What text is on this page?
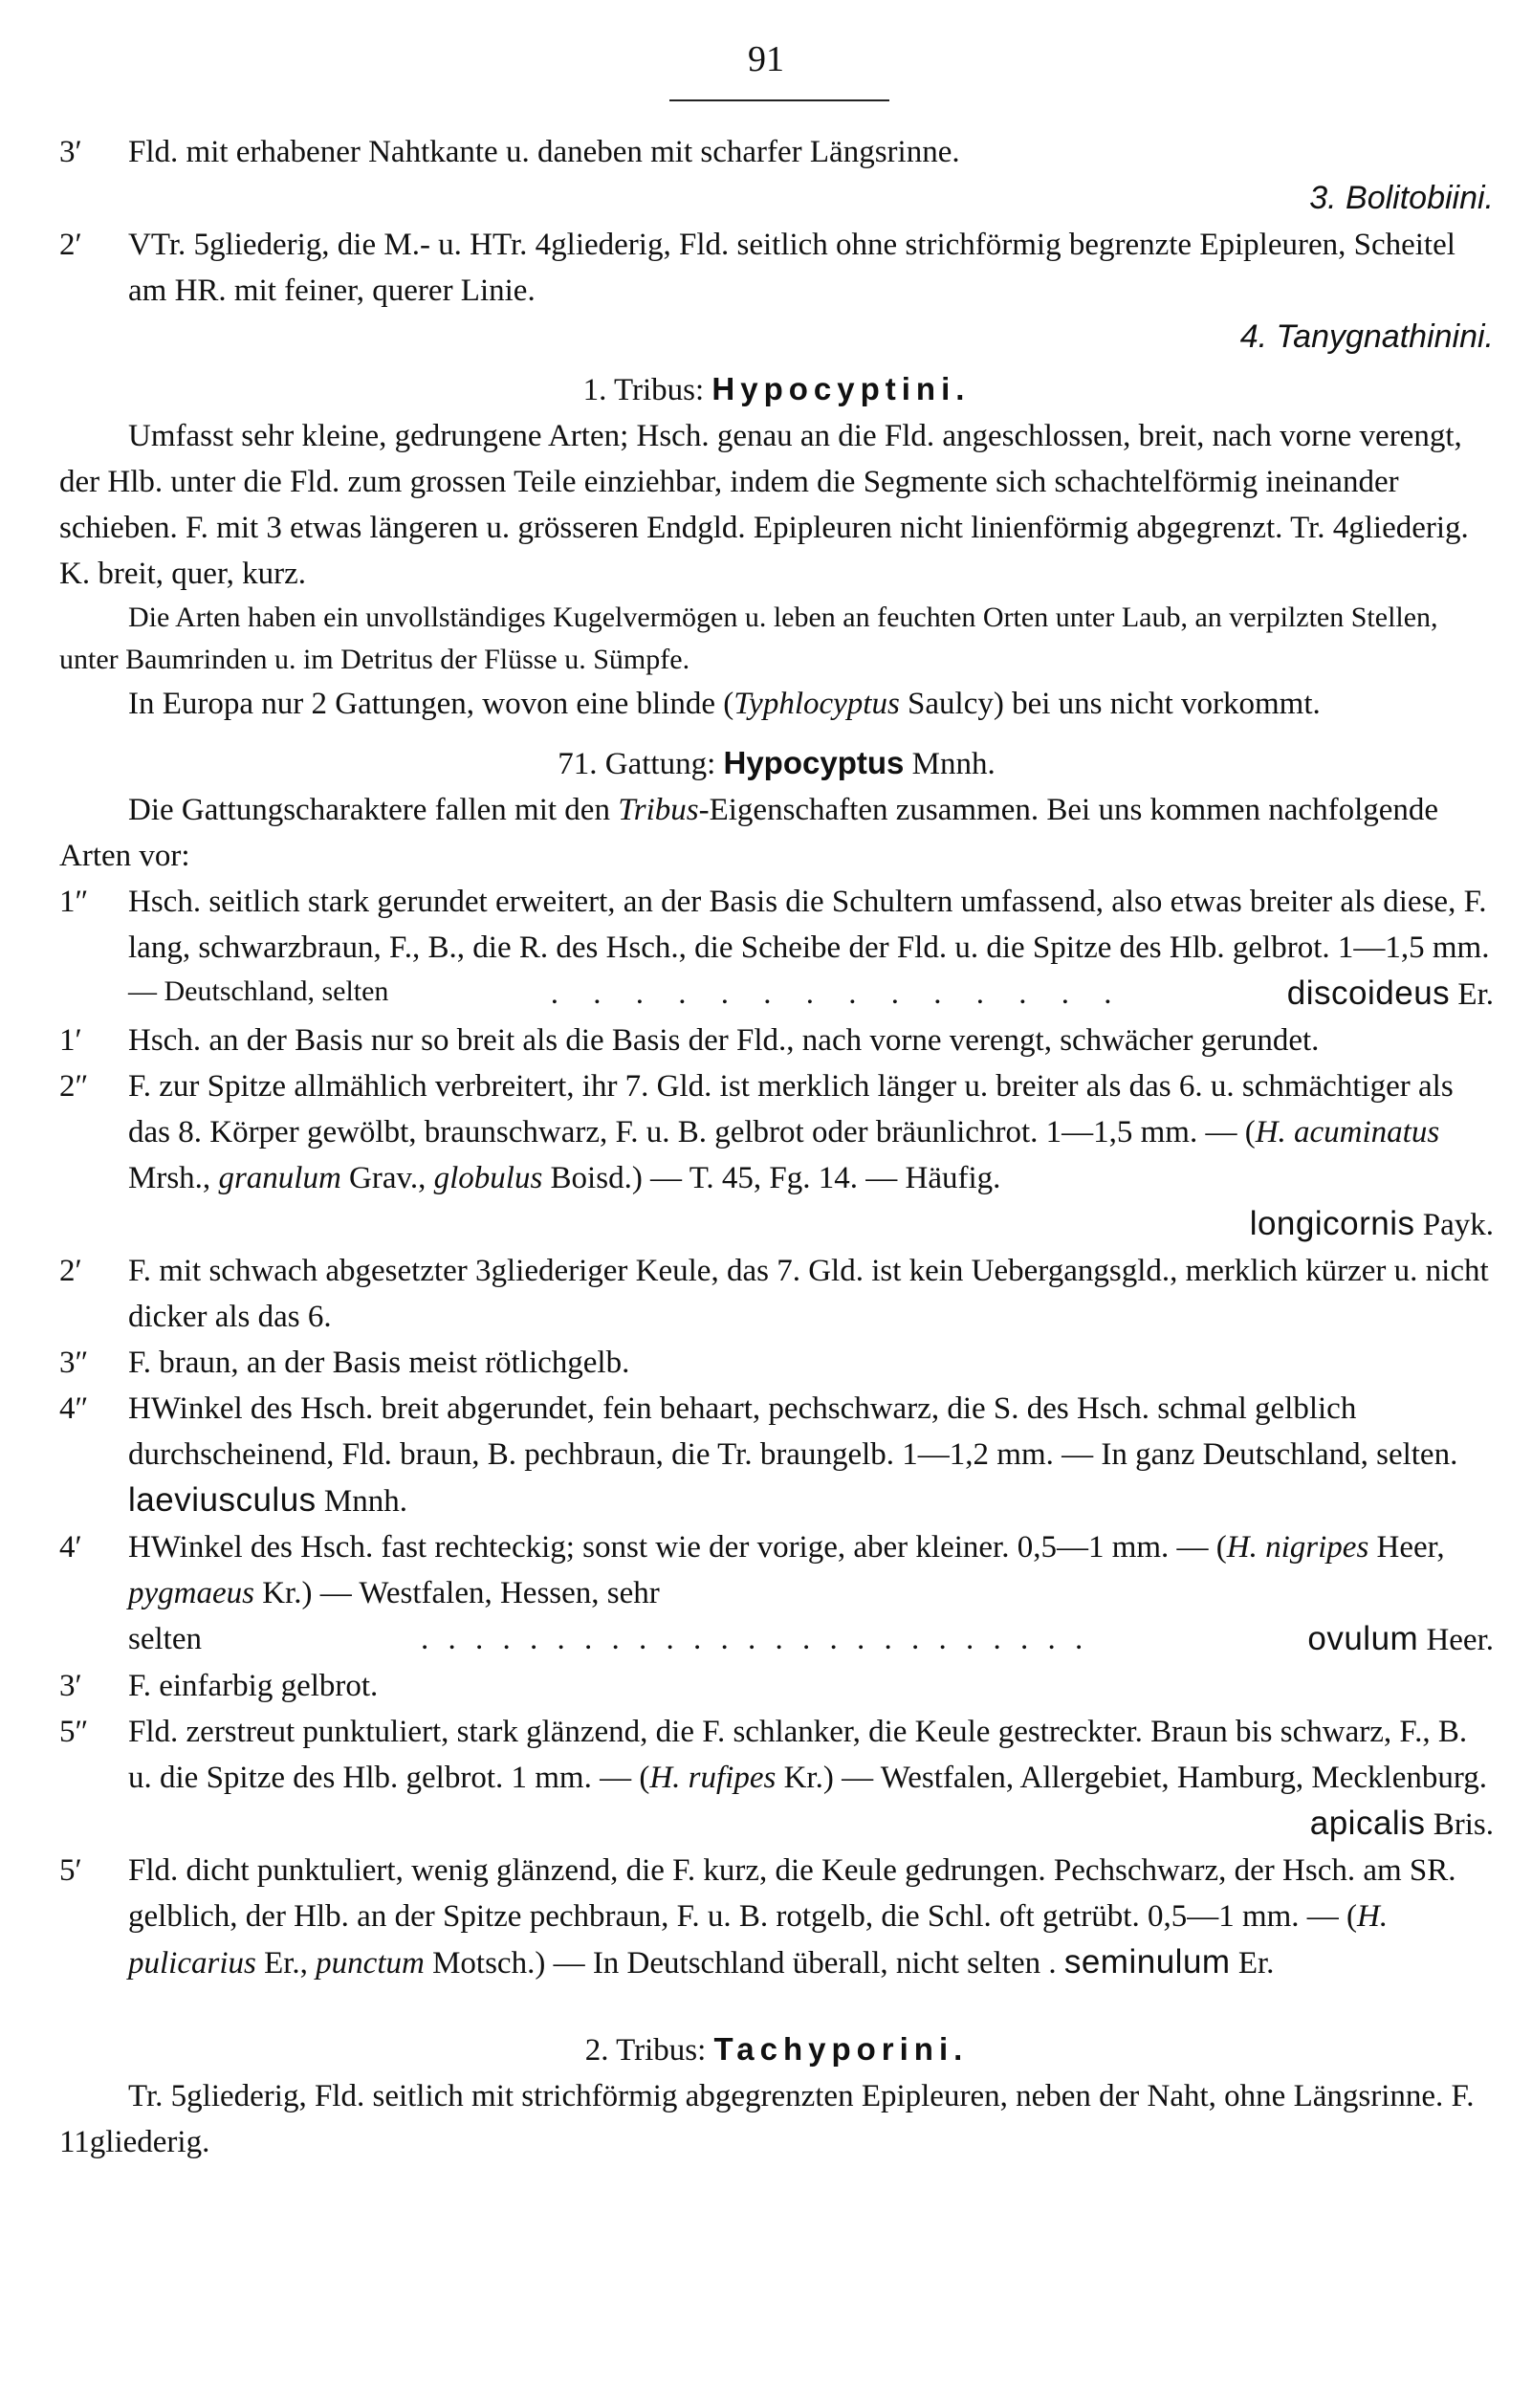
91
3′	Fld. mit erhabener Nahtkante u. daneben mit scharfer Längsrinne.
3. Bolitobiini.
2′	VTr. 5gliederig, die M.- u. HTr. 4gliederig, Fld. seitlich ohne strichförmig begrenzte Epipleuren, Scheitel am HR. mit feiner, querer Linie.
4. Tanygnathinini.
1. Tribus: Hypocyptini.
Umfasst sehr kleine, gedrungene Arten; Hsch. genau an die Fld. angeschlossen, breit, nach vorne verengt, der Hlb. unter die Fld. zum grossen Teile einziehbar, indem die Segmente sich schachtelförmig ineinander schieben. F. mit 3 etwas längeren u. grösseren Endgld. Epipleuren nicht linienförmig abgegrenzt. Tr. 4gliederig. K. breit, quer, kurz.
Die Arten haben ein unvollständiges Kugelvermögen u. leben an feuchten Orten unter Laub, an verpilzten Stellen, unter Baumrinden u. im Detritus der Flüsse u. Sümpfe.
In Europa nur 2 Gattungen, wovon eine blinde (Typhlocyptus Saulcy) bei uns nicht vorkommt.
71. Gattung: Hypocyptus Mnnh.
Die Gattungscharaktere fallen mit den Tribus-Eigenschaften zusammen. Bei uns kommen nachfolgende Arten vor:
1″	Hsch. seitlich stark gerundet erweitert, an der Basis die Schultern umfassend, also etwas breiter als diese, F. lang, schwarzbraun, F., B., die R. des Hsch., die Scheibe der Fld. u. die Spitze des Hlb. gelbrot. 1—1,5 mm.
— Deutschland, selten	. . . . . . . . . . . . . .	discoideus Er.
1′	Hsch. an der Basis nur so breit als die Basis der Fld., nach vorne verengt, schwächer gerundet.
2″	F. zur Spitze allmählich verbreitert, ihr 7. Gld. ist merklich länger u. breiter als das 6. u. schmächtiger als das 8. Körper gewölbt, braunschwarz, F. u. B. gelbrot oder bräunlichrot. 1—1,5 mm. — (H. acuminatus Mrsh., granulum Grav., globulus Boisd.) — T. 45, Fg. 14. — Häufig.
longicornis Payk.
2′	F. mit schwach abgesetzter 3gliederiger Keule, das 7. Gld. ist kein Uebergangsgld., merklich kürzer u. nicht dicker als das 6.
3″	F. braun, an der Basis meist rötlichgelb.
4″	HWinkel des Hsch. breit abgerundet, fein behaart, pechschwarz, die S. des Hsch. schmal gelblich durchscheinend, Fld. braun, B. pechbraun, die Tr. braungelb. 1—1,2 mm. — In ganz Deutschland, selten. laeviusculus Mnnh.
4′	HWinkel des Hsch. fast rechteckig; sonst wie der vorige, aber kleiner. 0,5—1 mm. — (H. nigripes Heer, pygmaeus Kr.) — Westfalen, Hessen, sehr
selten	. . . . . . . . . . . . . . . . . . . . . . . . .	ovulum Heer.
3′	F. einfarbig gelbrot.
5″	Fld. zerstreut punktuliert, stark glänzend, die F. schlanker, die Keule gestreckter. Braun bis schwarz, F., B. u. die Spitze des Hlb. gelbrot. 1 mm. — (H. rufipes Kr.) — Westfalen, Allergebiet, Hamburg, Mecklenburg.
apicalis Bris.
5′	Fld. dicht punktuliert, wenig glänzend, die F. kurz, die Keule gedrungen. Pechschwarz, der Hsch. am SR. gelblich, der Hlb. an der Spitze pechbraun, F. u. B. rotgelb, die Schl. oft getrübt. 0,5—1 mm. — (H. pulicarius Er., punctum Motsch.) — In Deutschland überall, nicht selten . seminulum Er.
2. Tribus: Tachyporini.
Tr. 5gliederig, Fld. seitlich mit strichförmig abgegrenzten Epipleuren, neben der Naht, ohne Längsrinne. F. 11gliederig.
